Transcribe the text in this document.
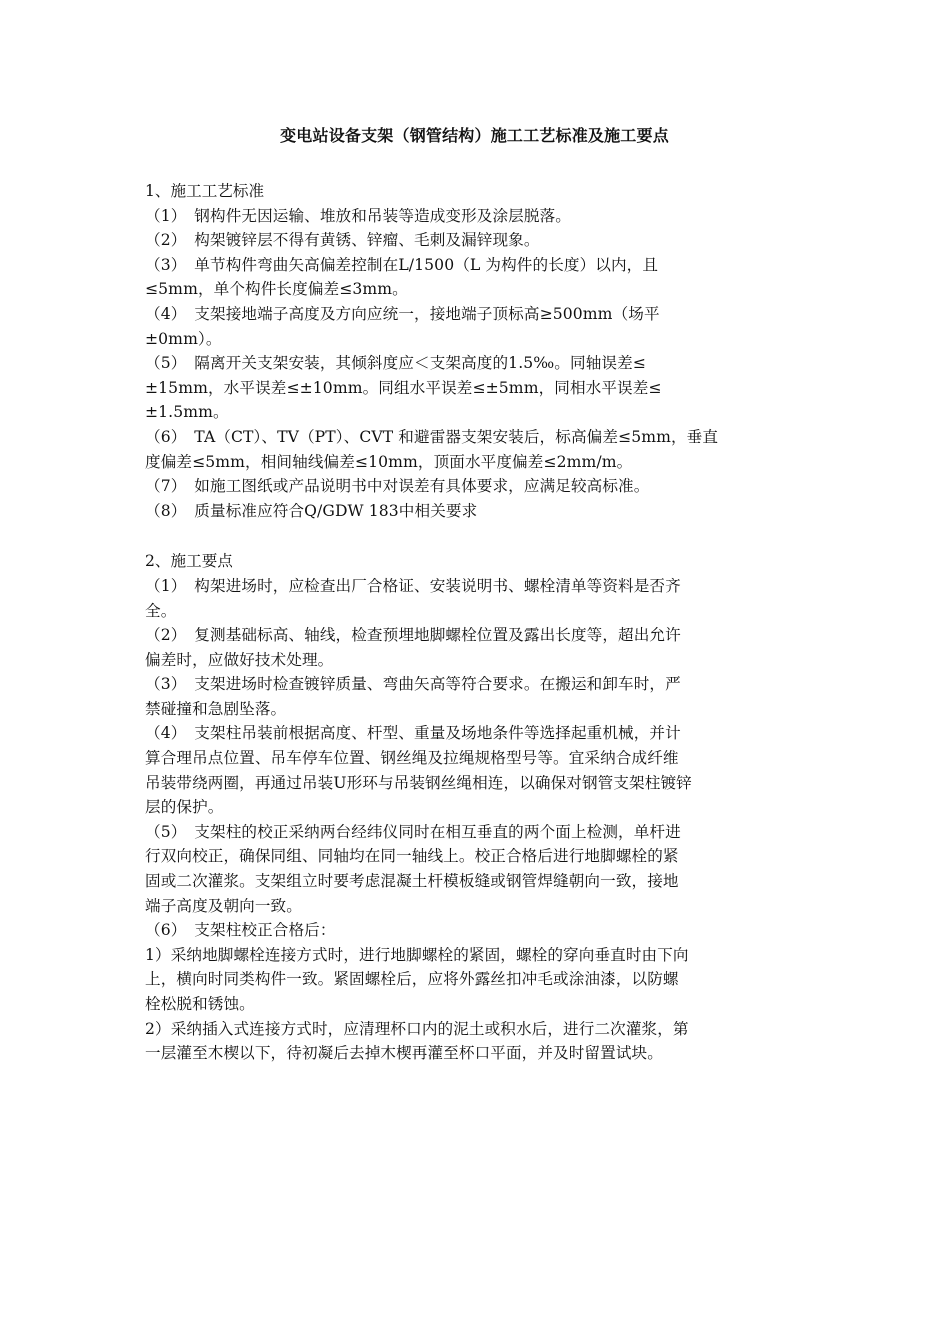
变电站设备支架（钢管结构）施工工艺标准及施工要点

1、施工工艺标准

（1）　钢构件无因运输、堆放和吊装等造成变形及涂层脱落。

（2）　构架镀锌层不得有黄锈、锌瘤、毛刺及漏锌现象。

（3）　单节构件弯曲矢高偏差控制在L/1500（L 为构件的长度）以内，且

≤5mm，单个构件长度偏差≤3mm。

（4）　支架接地端子高度及方向应统一，接地端子顶标高≥500mm（场平

±0mm）。

（5）　隔离开关支架安装，其倾斜度应＜支架高度的1.5‰。同轴误差≤

±15mm，水平误差≤±10mm。同组水平误差≤±5mm，同相水平误差≤

±1.5mm。

（6）　TA（CT）、TV（PT）、CVT 和避雷器支架安装后，标高偏差≤5mm，垂直

度偏差≤5mm，相间轴线偏差≤10mm，顶面水平度偏差≤2mm/m。

（7）　如施工图纸或产品说明书中对误差有具体要求，应满足较高标准。

（8）　质量标准应符合Q/GDW 183中相关要求

2、施工要点

（1）　构架进场时，应检查出厂合格证、安装说明书、螺栓清单等资料是否齐

全。

（2）　复测基础标高、轴线，检查预埋地脚螺栓位置及露出长度等，超出允许

偏差时，应做好技术处理。

（3）　支架进场时检查镀锌质量、弯曲矢高等符合要求。在搬运和卸车时，严

禁碰撞和急剧坠落。

（4）　支架柱吊装前根据高度、杆型、重量及场地条件等选择起重机械，并计

算合理吊点位置、吊车停车位置、钢丝绳及拉绳规格型号等。宜采纳合成纤维

吊装带绕两圈，再通过吊装U形环与吊装钢丝绳相连，以确保对钢管支架柱镀锌

层的保护。

（5）　支架柱的校正采纳两台经纬仪同时在相互垂直的两个面上检测，单杆进

行双向校正，确保同组、同轴均在同一轴线上。校正合格后进行地脚螺栓的紧

固或二次灌浆。支架组立时要考虑混凝土杆模板缝或钢管焊缝朝向一致，接地

端子高度及朝向一致。

（6）　支架柱校正合格后：

1）采纳地脚螺栓连接方式时，进行地脚螺栓的紧固，螺栓的穿向垂直时由下向

上，横向时同类构件一致。紧固螺栓后，应将外露丝扣冲毛或涂油漆，以防螺

栓松脱和锈蚀。

2）采纳插入式连接方式时，应清理杯口内的泥土或积水后，进行二次灌浆，第

一层灌至木楔以下，待初凝后去掉木楔再灌至杯口平面，并及时留置试块。
